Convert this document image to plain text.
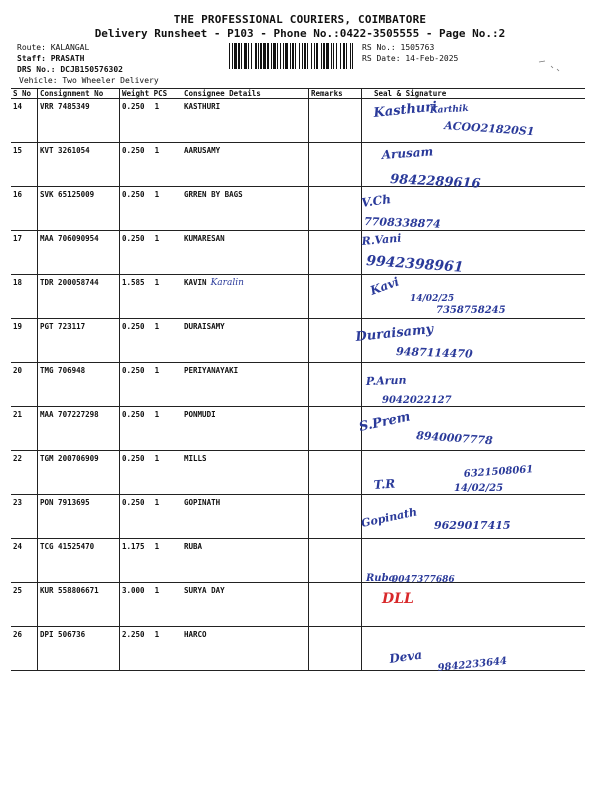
THE PROFESSIONAL COURIERS, COIMBATORE
Delivery Runsheet - P103 - Phone No.:0422-3505555 - Page No.:2
Route: KALANGAL
Staff: PRASATH
DRS No.: DCJB150576302
Vehicle: Two Wheeler Delivery
RS No.: 1505763
RS Date: 14-Feb-2025
S No	Consignment No	Weight PCS	Consignee Details	Remarks	Seal & Signature
14	VRR 7485349	0.250 1	KASTHURI		Kasthuri
ACOO21820S1
Karthik

15	KVT 3261054	0.250 1	AARUSAMY		Arusam
9842289616

16	SVK 65125009	0.250 1	GRREN BY BAGS		V.Ch
7708338874

17	MAA 706090954	0.250 1	KUMARESAN		R.Vani
9942398961

18	TDR 200058744	1.585 1	KAVIN Karalin		Kavi
14/02/25
7358758245

19	PGT 723117	0.250 1	DURAISAMY		Duraisamy
9487114470

20	TMG 706948	0.250 1	PERIYANAYAKI		P.Arun
9042022127

21	MAA 707227298	0.250 1	PONMUDI		S.Prem
8940007778

22	TGM 200706909	0.250 1	MILLS		T.R
6321508061
14/02/25

23	PON 7913695	0.250 1	GOPINATH		Gopinath 9629017415

24	TCG 41525470	1.175 1	RUBA		Ruba
9047377686

25	KUR 558806671	3.000 1	SURYA DAY		DLL

26	DPI 506736	2.250 1	HARCO		Deva 9842233644
